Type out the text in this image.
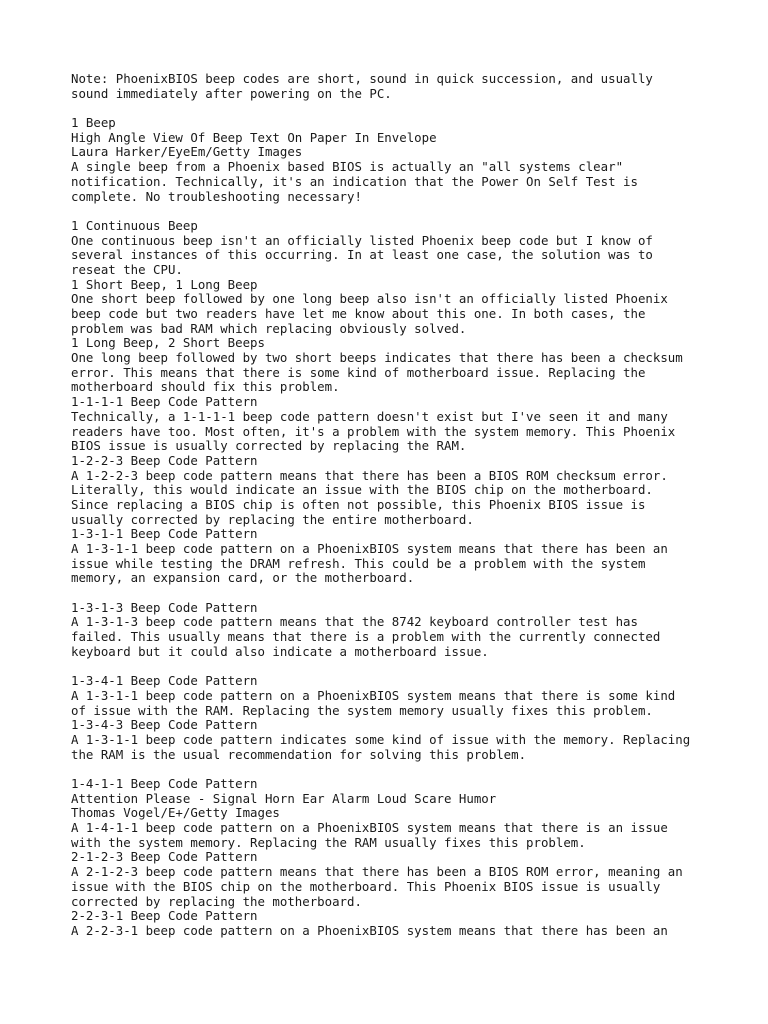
Note: PhoenixBIOS beep codes are short, sound in quick succession, and usually
sound immediately after powering on the PC.
1 Beep
High Angle View Of Beep Text On Paper In Envelope
Laura Harker/EyeEm/Getty Images
A single beep from a Phoenix based BIOS is actually an "all systems clear"
notification. Technically, it's an indication that the Power On Self Test is
complete. No troubleshooting necessary!
1 Continuous Beep
One continuous beep isn't an officially listed Phoenix beep code but I know of
several instances of this occurring. In at least one case, the solution was to
reseat the CPU.
1 Short Beep, 1 Long Beep
One short beep followed by one long beep also isn't an officially listed Phoenix
beep code but two readers have let me know about this one. In both cases, the
problem was bad RAM which replacing obviously solved.
1 Long Beep, 2 Short Beeps
One long beep followed by two short beeps indicates that there has been a checksum
error. This means that there is some kind of motherboard issue. Replacing the
motherboard should fix this problem.
1-1-1-1 Beep Code Pattern
Technically, a 1-1-1-1 beep code pattern doesn't exist but I've seen it and many
readers have too. Most often, it's a problem with the system memory. This Phoenix
BIOS issue is usually corrected by replacing the RAM.
1-2-2-3 Beep Code Pattern
A 1-2-2-3 beep code pattern means that there has been a BIOS ROM checksum error.
Literally, this would indicate an issue with the BIOS chip on the motherboard.
Since replacing a BIOS chip is often not possible, this Phoenix BIOS issue is
usually corrected by replacing the entire motherboard.
1-3-1-1 Beep Code Pattern
A 1-3-1-1 beep code pattern on a PhoenixBIOS system means that there has been an
issue while testing the DRAM refresh. This could be a problem with the system
memory, an expansion card, or the motherboard.
1-3-1-3 Beep Code Pattern
A 1-3-1-3 beep code pattern means that the 8742 keyboard controller test has
failed. This usually means that there is a problem with the currently connected
keyboard but it could also indicate a motherboard issue.
1-3-4-1 Beep Code Pattern
A 1-3-1-1 beep code pattern on a PhoenixBIOS system means that there is some kind
of issue with the RAM. Replacing the system memory usually fixes this problem.
1-3-4-3 Beep Code Pattern
A 1-3-1-1 beep code pattern indicates some kind of issue with the memory. Replacing
the RAM is the usual recommendation for solving this problem.
1-4-1-1 Beep Code Pattern
Attention Please - Signal Horn Ear Alarm Loud Scare Humor
Thomas Vogel/E+/Getty Images
A 1-4-1-1 beep code pattern on a PhoenixBIOS system means that there is an issue
with the system memory. Replacing the RAM usually fixes this problem.
2-1-2-3 Beep Code Pattern
A 2-1-2-3 beep code pattern means that there has been a BIOS ROM error, meaning an
issue with the BIOS chip on the motherboard. This Phoenix BIOS issue is usually
corrected by replacing the motherboard.
2-2-3-1 Beep Code Pattern
A 2-2-3-1 beep code pattern on a PhoenixBIOS system means that there has been an
